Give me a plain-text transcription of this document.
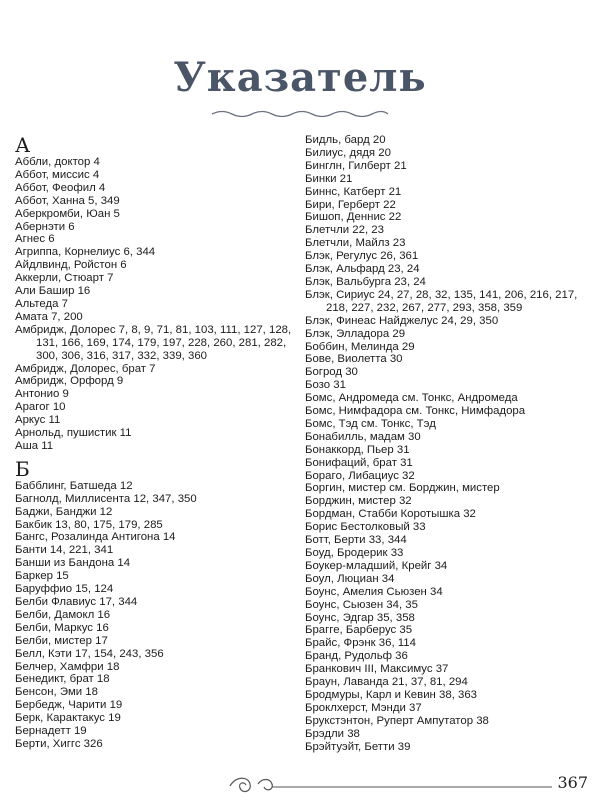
Указатель
А
Аббли, доктор 4
Аббот, миссис 4
Аббот, Феофил 4
Аббот, Ханна 5, 349
Аберкромби, Юан 5
Абернэти 6
Агнес 6
Агриппа, Корнелиус 6, 344
Айдлвинд, Ройстон 6
Аккерли, Стюарт 7
Али Башир 16
Альтеда 7
Амата 7, 200
Амбридж, Долорес 7, 8, 9, 71, 81, 103, 111, 127, 128,
131, 166, 169, 174, 179, 197, 228, 260, 281, 282,
300, 306, 316, 317, 332, 339, 360
Амбридж, Долорес, брат 7
Амбридж, Орфорд 9
Антонио 9
Арагог 10
Аркус 11
Арнольд, пушистик 11
Аша 11
Б
Бабблинг, Батшеда 12
Багнолд, Миллисента 12, 347, 350
Баджи, Банджи 12
Бакбик 13, 80, 175, 179, 285
Бангс, Розалинда Антигона 14
Банти 14, 221, 341
Банши из Бандона 14
Баркер 15
Баруффио 15, 124
Белби Флавиус 17, 344
Белби, Дамокл 16
Белби, Маркус 16
Белби, мистер 17
Белл, Кэти 17, 154, 243, 356
Белчер, Хамфри 18
Бенедикт, брат 18
Бенсон, Эми 18
Бербедж, Чарити 19
Берк, Карактакус 19
Бернадетт 19
Берти, Хиггс 326
Бидль, бард 20
Билиус, дядя 20
Бинглн, Гилберт 21
Бинки 21
Биннс, Катберт 21
Бири, Герберт 22
Бишоп, Деннис 22
Блетчли 22, 23
Блетчли, Майлз 23
Блэк, Регулус 26, 361
Блэк, Альфард 23, 24
Блэк, Вальбурга 23, 24
Блэк, Сириус 24, 27, 28, 32, 135, 141, 206, 216, 217,
218, 227, 232, 267, 277, 293, 358, 359
Блэк, Финеас Найджелус 24, 29, 350
Блэк, Элладора 29
Боббин, Мелинда 29
Бове, Виолетта 30
Богрод 30
Бозо 31
Бомс, Андромеда см. Тонкс, Андромеда
Бомс, Нимфадора см. Тонкс, Нимфадора
Бомс, Тэд см. Тонкс, Тэд
Бонабилль, мадам 30
Бонаккорд, Пьер 31
Бонифаций, брат 31
Борагo, Либациус 32
Боргин, мистер см. Борджин, мистер
Борджин, мистер 32
Бордман, Стабби Коротышка 32
Борис Бестолковый 33
Ботт, Берти 33, 344
Боуд, Бродерик 33
Боукер-младший, Крейг 34
Боул, Люциан 34
Боунс, Амелия Сьюзен 34
Боунс, Сьюзен 34, 35
Боунс, Эдгар 35, 358
Брагге, Барберус 35
Брайс, Фрэнк 36, 114
Бранд, Рудольф 36
Бранкович III, Максимус 37
Браун, Лаванда 21, 37, 81, 294
Бродмуры, Карл и Кевин 38, 363
Броклхерст, Мэнди 37
Брукстэнтон, Руперт Ампутатор 38
Брэдли 38
Брэйтуэйт, Бетти 39
367
